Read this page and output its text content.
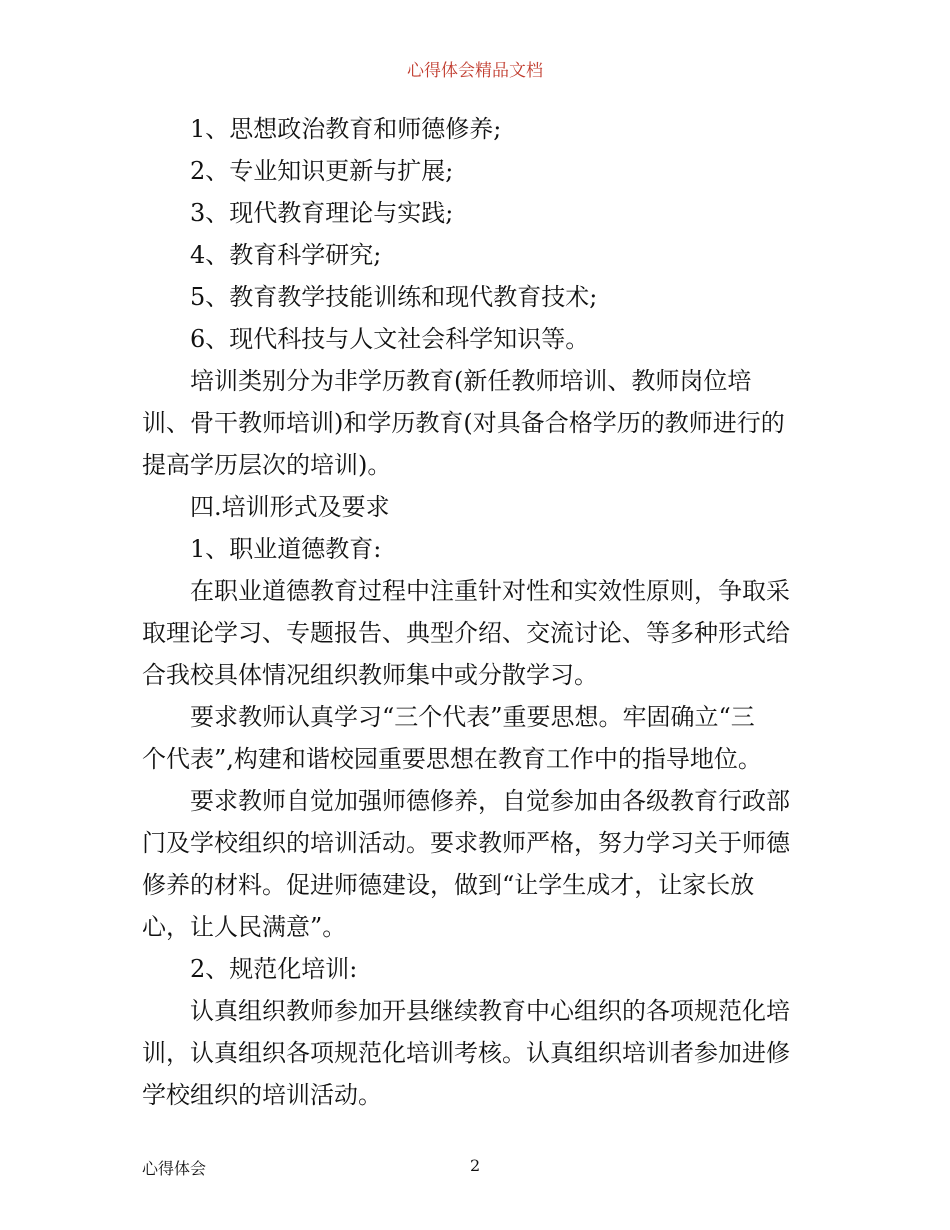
心得体会精品文档
1、思想政治教育和师德修养;
2、专业知识更新与扩展;
3、现代教育理论与实践;
4、教育科学研究;
5、教育教学技能训练和现代教育技术;
6、现代科技与人文社会科学知识等。
培训类别分为非学历教育(新任教师培训、教师岗位培
训、骨干教师培训)和学历教育(对具备合格学历的教师进行的
提高学历层次的培训)。
四.培训形式及要求
1、职业道德教育:
在职业道德教育过程中注重针对性和实效性原则，争取采
取理论学习、专题报告、典型介绍、交流讨论、等多种形式给
合我校具体情况组织教师集中或分散学习。
要求教师认真学习“三个代表”重要思想。牢固确立“三
个代表”,构建和谐校园重要思想在教育工作中的指导地位。
要求教师自觉加强师德修养，自觉参加由各级教育行政部
门及学校组织的培训活动。要求教师严格，努力学习关于师德
修养的材料。促进师德建设，做到“让学生成才，让家长放
心，让人民满意”。
2、规范化培训:
认真组织教师参加开县继续教育中心组织的各项规范化培
训，认真组织各项规范化培训考核。认真组织培训者参加进修
学校组织的培训活动。
心得体会	2
